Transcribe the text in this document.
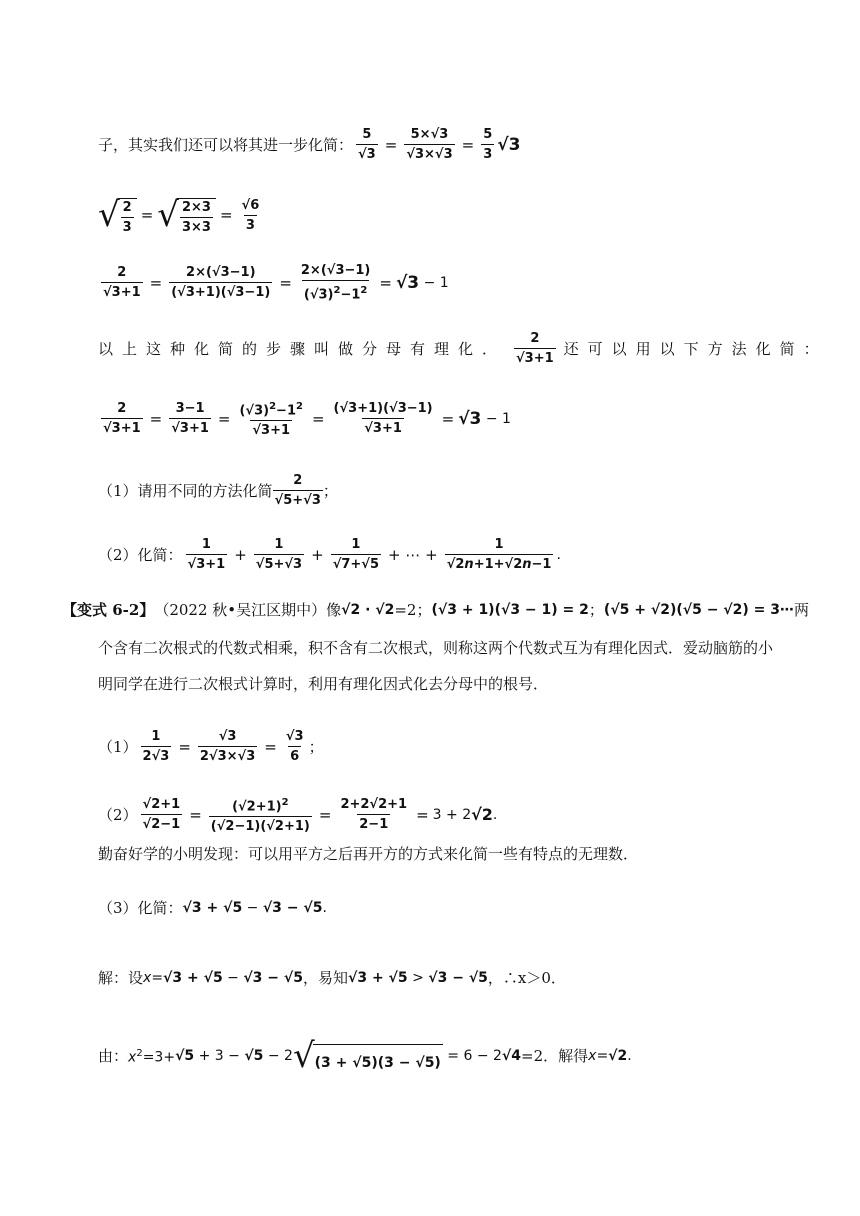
子，其实我们还可以将其进一步化简： $\frac{5}{√3} = \frac{5\times√3}{√3\times√3} = \frac{5}{3} √3$
√ $\frac{2}{3}$ = √ $\frac{2\times 3}{3\times 3} = \frac{√6}{3}$
$\frac{2}{√3+1} = \frac{2\times(√3-1)}{(√3+1)(√3-1)} = \frac{2\times(√3-1)}{(√3)^2-1^2} = √3 - 1$
以上这种化简的步骤叫做分母有理化． $\frac{2}{√3+1}$ 还可以用以下方法化简：
$\frac{2}{√3+1} = \frac{3-1}{√3+1} = \frac{(√3)^2-1^2}{√3+1} = \frac{(√3+1)(√3-1)}{√3+1} = √3 - 1$
（1）请用不同的方法化简 $\frac{2}{√5+√3}$ ；
（2）化简： $\frac{1}{√3+1} + \frac{1}{√5+√3} + \frac{1}{√7+√5}$ + ⋯ + $\frac{1}{√2n+1+√2n-1}$ .
【变式 6-2】 （2022 秋•吴江区期中）像 √2 · √2 =2； (√3 + 1)(√3 − 1) = 2 ； (√5 + √2)(√5 − √2) = 3⋯ 两
个含有二次根式的代数式相乘，积不含有二次根式，则称这两个代数式互为有理化因式．爱动脑筋的小
明同学在进行二次根式计算时，利用有理化因式化去分母中的根号．
$(1) \frac{1}{2√3} = \frac{√3}{2√3\times√3} = \frac{√3}{6}$ ；
$(2) \frac{√2+1}{√2-1} = \frac{(√2+1)^2}{(√2-1)(√2+1)} = \frac{2+2√2+1}{2-1} = 3 + 2$ √2 .
勤奋好学的小明发现：可以用平方之后再开方的方式来化简一些有特点的无理数．
（3）化简： √3 + √5 − √3 − √5 .
解：设 x= √3 + √5 − √3 − √5 ，易知 √3 + √5 > √3 − √5 ，∴x＞0．
由： $x^2=3+ √5 + 3 - √5 - 2$ √ (3 + √5)(3 − √5) = 6 − 2 √4 =2．解得 x= √2 .
